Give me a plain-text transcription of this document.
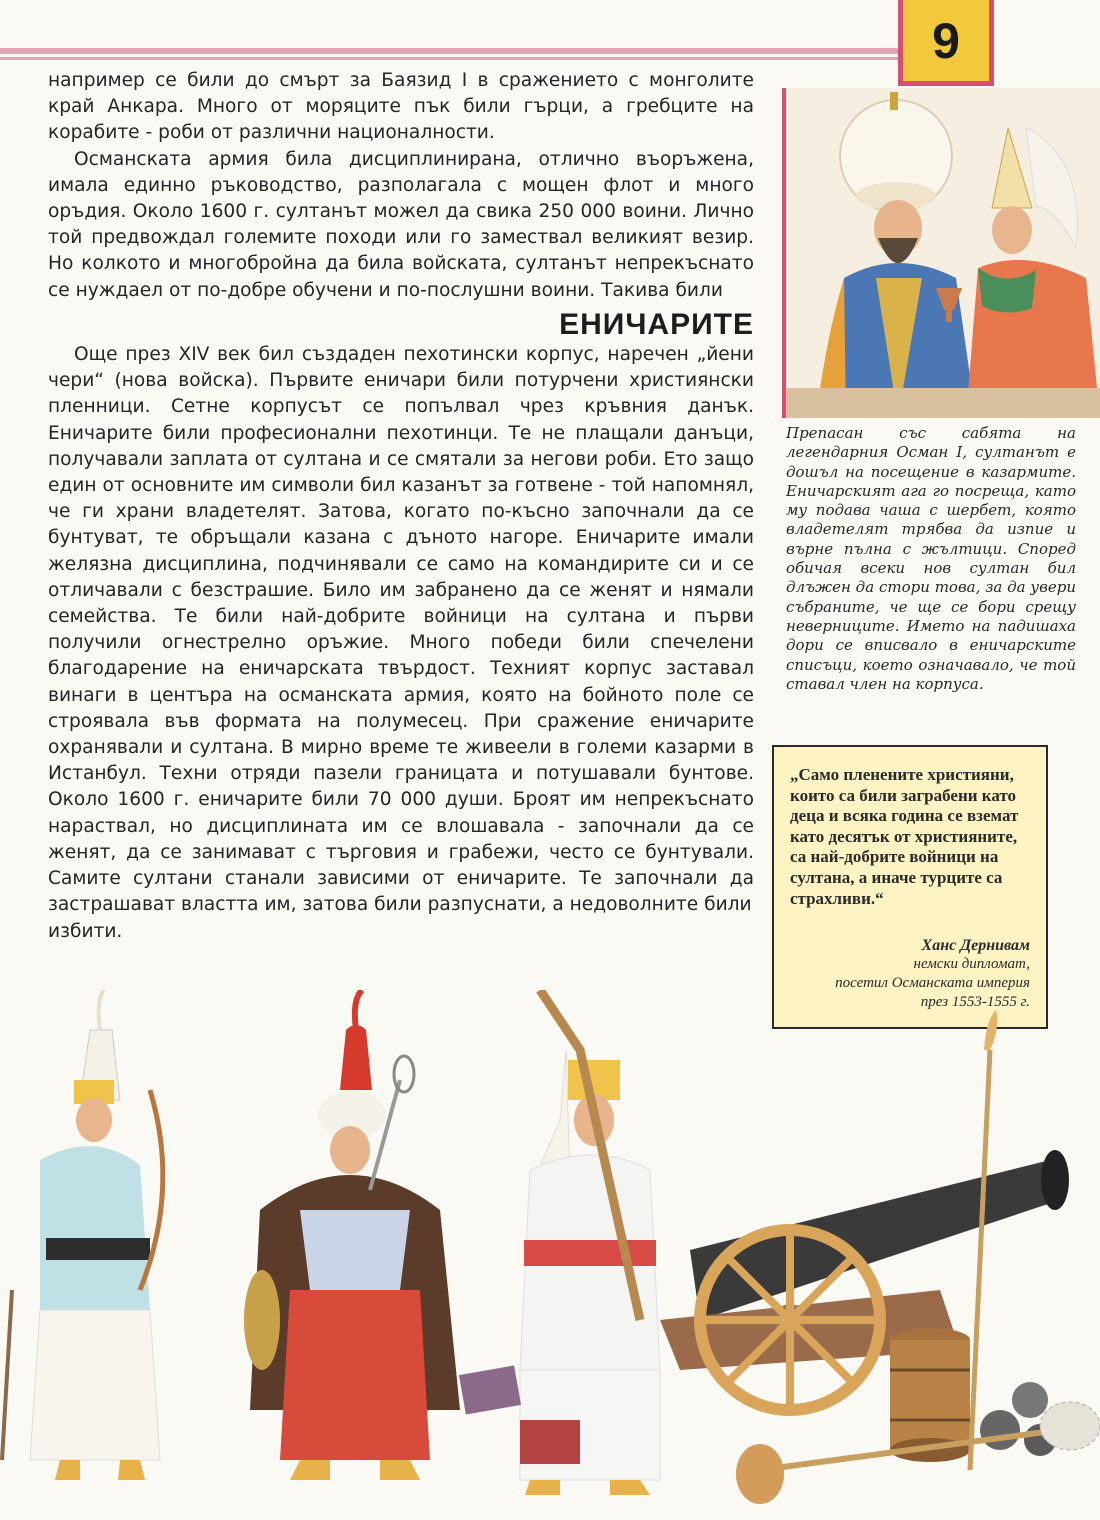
9

например се били до смърт за Баязид I в сражението с монголите край Анкара. Много от моряците пък били гърци, а гребците на корабите - роби от различни националности.

Османската армия била дисциплинирана, отлично въоръжена, имала единно ръководство, разполагала с мощен флот и много оръдия. Около 1600 г. султанът можел да свика 250 000 воини. Лично той предвождал големите походи или го замествал великият везир. Но колкото и многобройна да била войската, султанът непрекъснато се нуждаел от по-добре обучени и по-послушни воини. Такива били

ЕНИЧАРИТЕ

Още през XIV век бил създаден пехотински корпус, наречен „йени чери“ (нова войска). Първите еничари били потурчени християнски пленници. Сетне корпусът се попълвал чрез кръвния данък. Еничарите били професионални пехотинци. Те не плащали данъци, получавали заплата от султана и се смятали за негови роби. Ето защо един от основните им символи бил казанът за готвене - той напомнял, че ги храни владетелят. Затова, когато по-късно започнали да се бунтуват, те обръщали казана с дъното нагоре. Еничарите имали желязна дисциплина, подчинявали се само на командирите си и се отличавали с безстрашие. Било им забранено да се женят и нямали семейства. Те били най-добрите войници на султана и първи получили огнестрелно оръжие. Много победи били спечелени благодарение на еничарската твърдост. Техният корпус заставал винаги в центъра на османската армия, която на бойното поле се строявала във формата на полумесец. При сражение еничарите охранявали и султана. В мирно време те живеели в големи казарми в Истанбул. Техни отряди пазели границата и потушавали бунтове. Около 1600 г. еничарите били 70 000 души. Броят им непрекъснато нараствал, но дисциплината им се влошавала - започнали да се женят, да се занимават с търговия и грабежи, често се бунтували. Самите султани станали зависими от еничарите. Те започнали да застрашават властта им, затова били разпуснати, а недоволните били

избити.

Препасан със сабята на легендарния Осман I, султанът е дошъл на посещение в казармите. Еничарският ага го посреща, като му подава чаша с шербет, която владетелят трябва да изпие и върне пълна с жълтици. Според обичая всеки нов султан бил длъжен да стори това, за да увери събраните, че ще се бори срещу неверниците. Името на падишаха дори се вписвало в еничарските списъци, което означавало, че той ставал член на корпуса.

„Само пленените християни, които са били заграбени като деца и всяка година се вземат като десятък от християните, са най-добрите войници на султана, а иначе турците са страхливи.“

Ханс Дернивам
немски дипломат,
посетил Османската империя
през 1553-1555 г.
